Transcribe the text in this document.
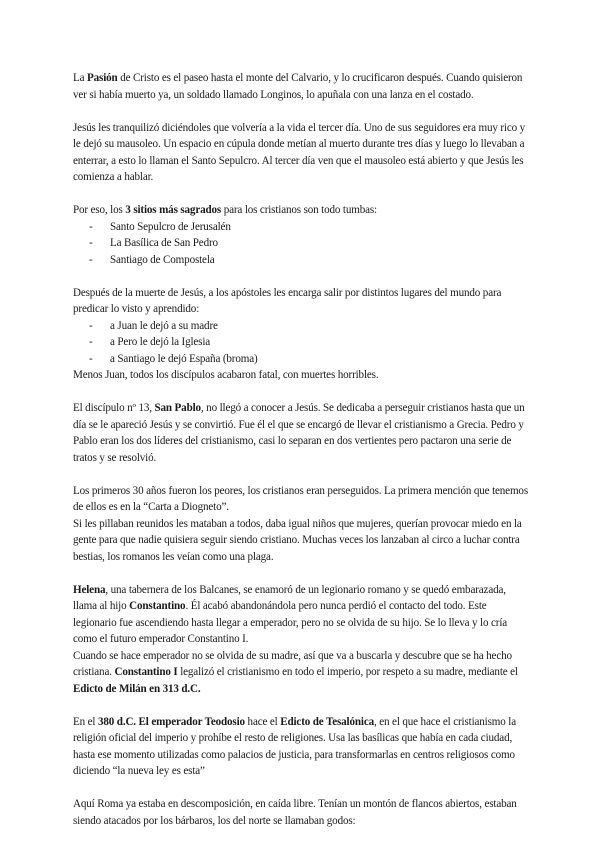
La Pasión de Cristo es el paseo hasta el monte del Calvario, y lo crucificaron después. Cuando quisieron ver si había muerto ya, un soldado llamado Longinos, lo apuñala con una lanza en el costado.

Jesús les tranquilizó diciéndoles que volvería a la vida el tercer día. Uno de sus seguidores era muy rico y le dejó su mausoleo. Un espacio en cúpula donde metían al muerto durante tres días y luego lo llevaban a enterrar, a esto lo llaman el Santo Sepulcro. Al tercer día ven que el mausoleo está abierto y que Jesús les comienza a hablar.

Por eso, los 3 sitios más sagrados para los cristianos son todo tumbas:

- Santo Sepulcro de Jerusalén
- La Basílica de San Pedro
- Santiago de Compostela

Después de la muerte de Jesús, a los apóstoles les encarga salir por distintos lugares del mundo para predicar lo visto y aprendido:

- a Juan le dejó a su madre
- a Pero le dejó la Iglesia
- a Santiago le dejó España (broma)

Menos Juan, todos los discípulos acabaron fatal, con muertes horribles.

El discípulo nº 13, San Pablo, no llegó a conocer a Jesús. Se dedicaba a perseguir cristianos hasta que un día se le apareció Jesús y se convirtió. Fue él el que se encargó de llevar el cristianismo a Grecia. Pedro y Pablo eran los dos líderes del cristianismo, casi lo separan en dos vertientes pero pactaron una serie de tratos y se resolvió.

Los primeros 30 años fueron los peores, los cristianos eran perseguidos. La primera mención que tenemos de ellos es en la “Carta a Diogneto”.

Si les pillaban reunidos les mataban a todos, daba igual niños que mujeres, querían provocar miedo en la gente para que nadie quisiera seguir siendo cristiano. Muchas veces los lanzaban al circo a luchar contra bestias, los romanos les veían como una plaga.

Helena, una tabernera de los Balcanes, se enamoró de un legionario romano y se quedó embarazada, llama al hijo Constantino. Él acabó abandonándola pero nunca perdió el contacto del todo. Este legionario fue ascendiendo hasta llegar a emperador, pero no se olvida de su hijo. Se lo lleva y lo cría como el futuro emperador Constantino I.

Cuando se hace emperador no se olvida de su madre, así que va a buscarla y descubre que se ha hecho cristiana. Constantino I legalizó el cristianismo en todo el imperio, por respeto a su madre, mediante el Edicto de Milán en 313 d.C.

En el 380 d.C. El emperador Teodosio hace el Edicto de Tesalónica, en el que hace el cristianismo la religión oficial del imperio y prohíbe el resto de religiones. Usa las basílicas que había en cada ciudad, hasta ese momento utilizadas como palacios de justicia, para transformarlas en centros religiosos como diciendo “la nueva ley es esta”

Aquí Roma ya estaba en descomposición, en caída libre. Tenían un montón de flancos abiertos, estaban siendo atacados por los bárbaros, los del norte se llamaban godos:
